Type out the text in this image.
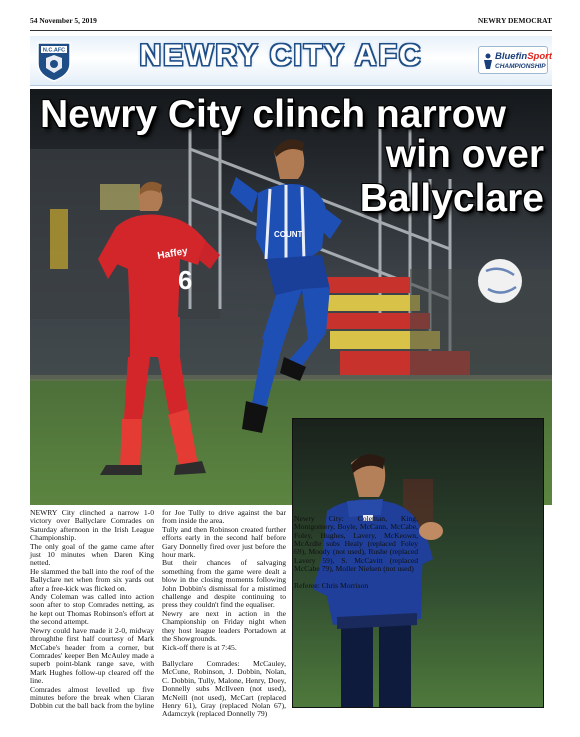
54 November 5, 2019	NEWRY DEMOCRAT
N.C.AFC	NEWRY CITY AFC	BluefinSport
CHAMPIONSHIP
Haffey
6
COUNT
Newry City clinch narrow
win over
Ballyclare

NEWRY City clinched a narrow 1-0 victory over Ballyclare Comrades on Saturday afternoon in the Irish League Championship.

The only goal of the game came after just 10 minutes when Daren King netted.

He slammed the ball into the roof of the Ballyclare net when from six yards out after a free-kick was flicked on.

Andy Coleman was called into action soon after to stop Comrades netting, as he kept out Thomas Robinson's effort at the second attempt.

Newry could have made it 2-0, midway throughthe first half courtesy of Mark McCabe's header from a corner, but Comrades' keeper Ben McAuley made a superb point-blank range save, with Mark Hughes follow-up cleared off the line.

Comrades almost levelled up five minutes before the break when Ciaran Dobbin cut the ball back from the byline for Joe Tully to drive against the bar from inside the area.

Tully and then Robinson created further efforts early in the second half before Gary Donnelly fired over just before the hour mark.

But their chances of salvaging something from the game were dealt a blow in the closing moments following John Dobbin's dismissal for a mistimed challenge and despite continuing to press they couldn't find the equaliser.

Newry are next in action in the Championship on Friday night when they host league leaders Portadown at the Showgrounds.

Kick-off there is at 7:45.

Ballyclare Comrades: McCauley, McCune, Robinson, J. Dobbin, Nolan, C. Dobbin, Tully, Malone, Henry, Doey, Donnelly subs McIlveen (not used), McNeill (not used), McCart (replaced Henry 61), Gray (replaced Nolan 67), Adamczyk (replaced Donnelly 79)

Newry City: Coleman, King, Montgomery, Boyle, McCann, McCabe, Foley, Hughes, Lavery, McKeown, McArdle subs Healy (replaced Foley 69), Moody (not used), Rushe (replaced Lavery 59), S. McCavitt (replaced McCabe 79), Moller Nielsen (not used)

Referee: Chris Morrison
